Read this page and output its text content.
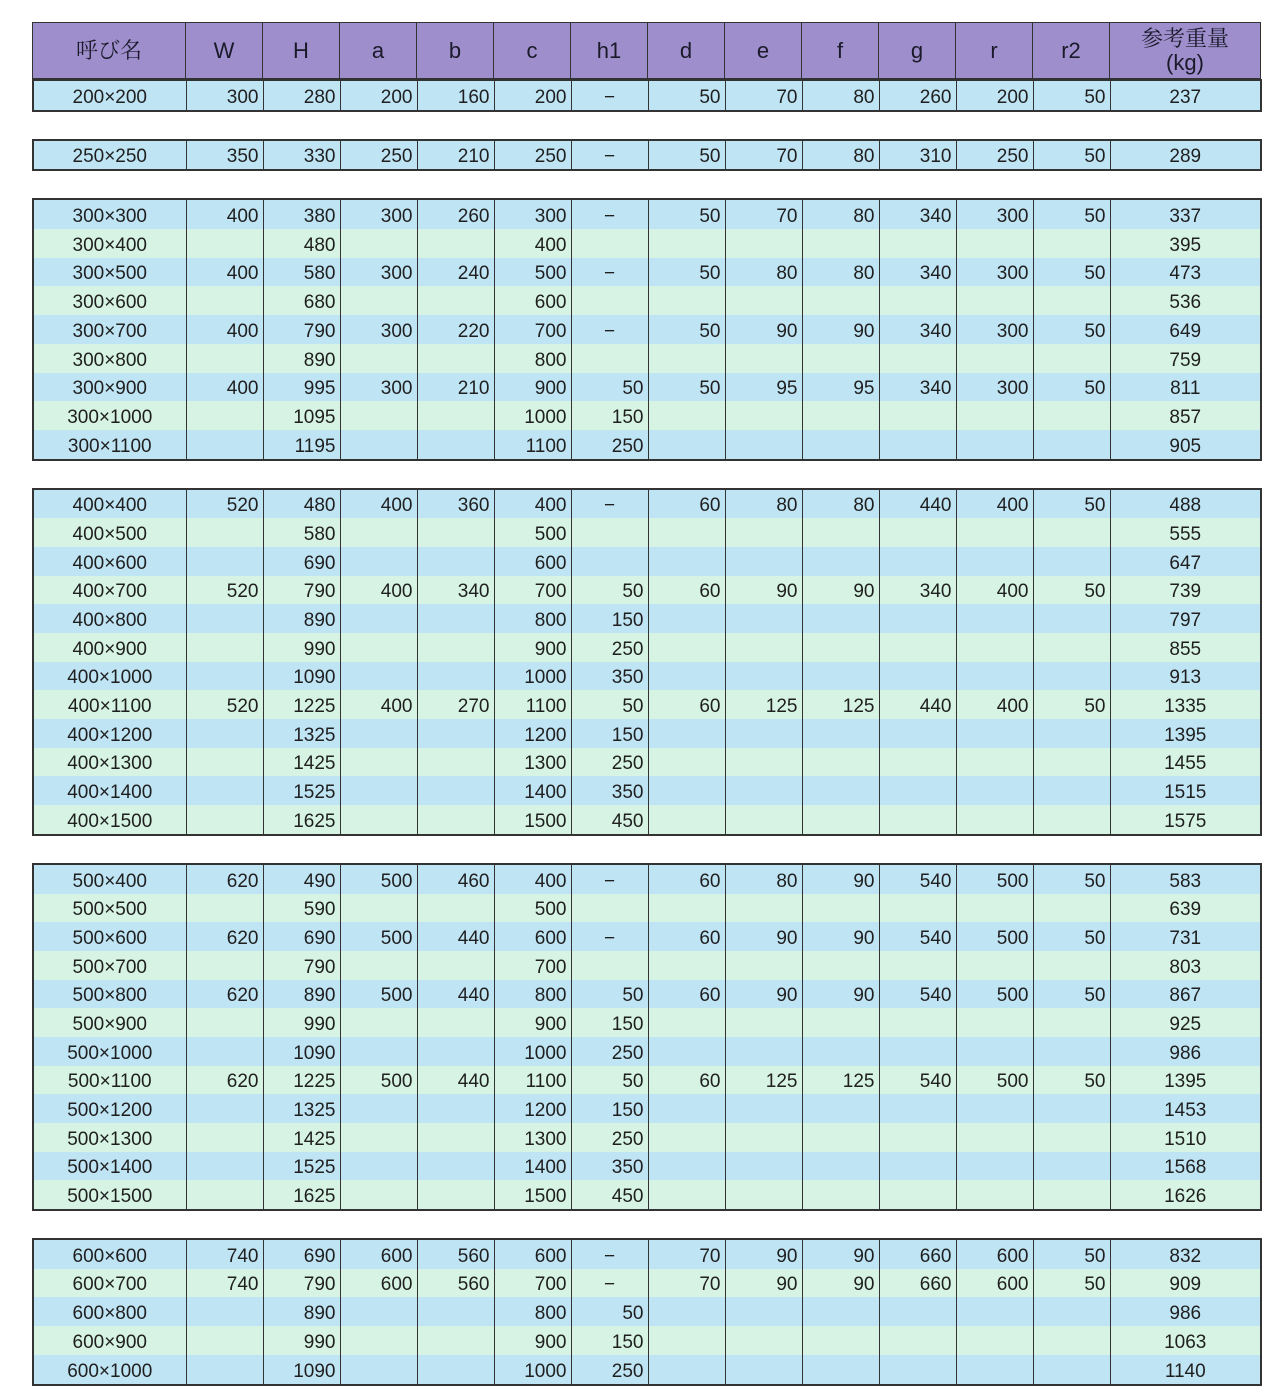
呼び名	W	H	a	b	c	h1	d	e	f	g	r	r2	参考重量
(kg)
200×200	300	280	200	160	200	−	50	70	80	260	200	50	237
250×250	350	330	250	210	250	−	50	70	80	310	250	50	289
300×300	400	380	300	260	300	−	50	70	80	340	300	50	337
300×400		480			400								395
300×500	400	580	300	240	500	−	50	80	80	340	300	50	473
300×600		680			600								536
300×700	400	790	300	220	700	−	50	90	90	340	300	50	649
300×800		890			800								759
300×900	400	995	300	210	900	50	50	95	95	340	300	50	811
300×1000		1095			1000	150							857
300×1100		1195			1100	250							905
400×400	520	480	400	360	400	−	60	80	80	440	400	50	488
400×500		580			500								555
400×600		690			600								647
400×700	520	790	400	340	700	50	60	90	90	340	400	50	739
400×800		890			800	150							797
400×900		990			900	250							855
400×1000		1090			1000	350							913
400×1100	520	1225	400	270	1100	50	60	125	125	440	400	50	1335
400×1200		1325			1200	150							1395
400×1300		1425			1300	250							1455
400×1400		1525			1400	350							1515
400×1500		1625			1500	450							1575
500×400	620	490	500	460	400	−	60	80	90	540	500	50	583
500×500		590			500								639
500×600	620	690	500	440	600	−	60	90	90	540	500	50	731
500×700		790			700								803
500×800	620	890	500	440	800	50	60	90	90	540	500	50	867
500×900		990			900	150							925
500×1000		1090			1000	250							986
500×1100	620	1225	500	440	1100	50	60	125	125	540	500	50	1395
500×1200		1325			1200	150							1453
500×1300		1425			1300	250							1510
500×1400		1525			1400	350							1568
500×1500		1625			1500	450							1626
600×600	740	690	600	560	600	−	70	90	90	660	600	50	832
600×700	740	790	600	560	700	−	70	90	90	660	600	50	909
600×800		890			800	50							986
600×900		990			900	150							1063
600×1000		1090			1000	250							1140
